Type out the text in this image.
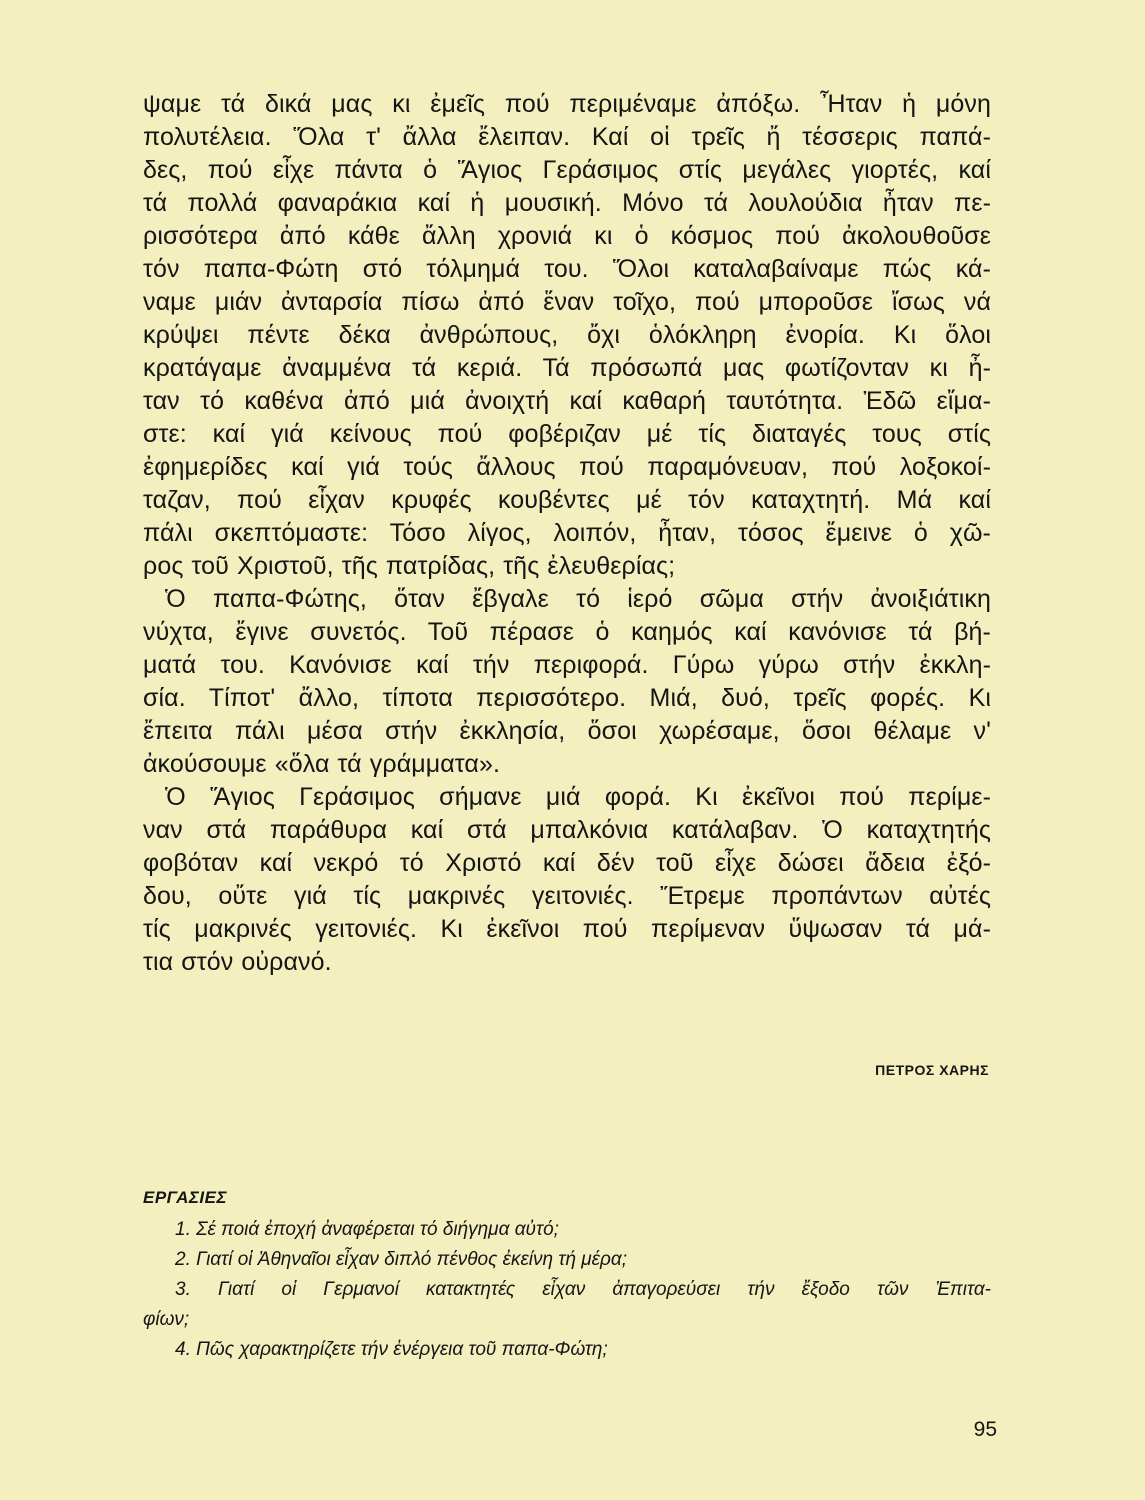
ψαμε τά δικά μας κι ἐμεῖς πού περιμέναμε ἀπόξω. Ἦταν ἡ μόνη
πολυτέλεια. Ὅλα τ' ἄλλα ἔλειπαν. Καί οἱ τρεῖς ἤ τέσσερις παπά-
δες, πού εἶχε πάντα ὁ Ἅγιος Γεράσιμος στίς μεγάλες γιορτές, καί
τά πολλά φαναράκια καί ἡ μουσική. Μόνο τά λουλούδια ἦταν πε-
ρισσότερα ἀπό κάθε ἄλλη χρονιά κι ὁ κόσμος πού ἀκολουθοῦσε
τόν παπα-Φώτη στό τόλμημά του. Ὅλοι καταλαβαίναμε πώς κά-
ναμε μιάν ἀνταρσία πίσω ἀπό ἕναν τοῖχο, πού μποροῦσε ἴσως νά
κρύψει πέντε δέκα ἀνθρώπους, ὄχι ὁλόκληρη ἐνορία. Κι ὅλοι
κρατάγαμε ἀναμμένα τά κεριά. Τά πρόσωπά μας φωτίζονταν κι ἦ-
ταν τό καθένα ἀπό μιά ἀνοιχτή καί καθαρή ταυτότητα. Ἐδῶ εἴμα-
στε: καί γιά κείνους πού φοβέριζαν μέ τίς διαταγές τους στίς
ἐφημερίδες καί γιά τούς ἄλλους πού παραμόνευαν, πού λοξοκοί-
ταζαν, πού εἶχαν κρυφές κουβέντες μέ τόν καταχτητή. Μά καί
πάλι σκεπτόμαστε: Τόσο λίγος, λοιπόν, ἦταν, τόσος ἔμεινε ὁ χῶ-
ρος τοῦ Χριστοῦ, τῆς πατρίδας, τῆς ἐλευθερίας;
Ὁ παπα-Φώτης, ὅταν ἔβγαλε τό ἱερό σῶμα στήν ἀνοιξιάτικη
νύχτα, ἔγινε συνετός. Τοῦ πέρασε ὁ καημός καί κανόνισε τά βή-
ματά του. Κανόνισε καί τήν περιφορά. Γύρω γύρω στήν ἐκκλη-
σία. Τίποτ' ἄλλο, τίποτα περισσότερο. Μιά, δυό, τρεῖς φορές. Κι
ἔπειτα πάλι μέσα στήν ἐκκλησία, ὅσοι χωρέσαμε, ὅσοι θέλαμε ν'
ἀκούσουμε «ὅλα τά γράμματα».
Ὁ Ἅγιος Γεράσιμος σήμανε μιά φορά. Κι ἐκεῖνοι πού περίμε-
ναν στά παράθυρα καί στά μπαλκόνια κατάλαβαν. Ὁ καταχτητής
φοβόταν καί νεκρό τό Χριστό καί δέν τοῦ εἶχε δώσει ἄδεια ἐξό-
δου, οὔτε γιά τίς μακρινές γειτονιές. Ἔτρεμε προπάντων αὐτές
τίς μακρινές γειτονιές. Κι ἐκεῖνοι πού περίμεναν ὕψωσαν τά μά-
τια στόν οὐρανό.
ΠΕΤΡΟΣ ΧΑΡΗΣ
ΕΡΓΑΣΙΕΣ
1. Σέ ποιά ἐποχή ἀναφέρεται τό διήγημα αὐτό;
2. Γιατί οἱ Ἀθηναῖοι εἶχαν διπλό πένθος ἐκείνη τή μέρα;
3. Γιατί οἱ Γερμανοί κατακτητές εἶχαν ἀπαγορεύσει τήν ἔξοδο τῶν Ἐπιτα-
φίων;
4. Πῶς χαρακτηρίζετε τήν ἐνέργεια τοῦ παπα-Φώτη;
95
